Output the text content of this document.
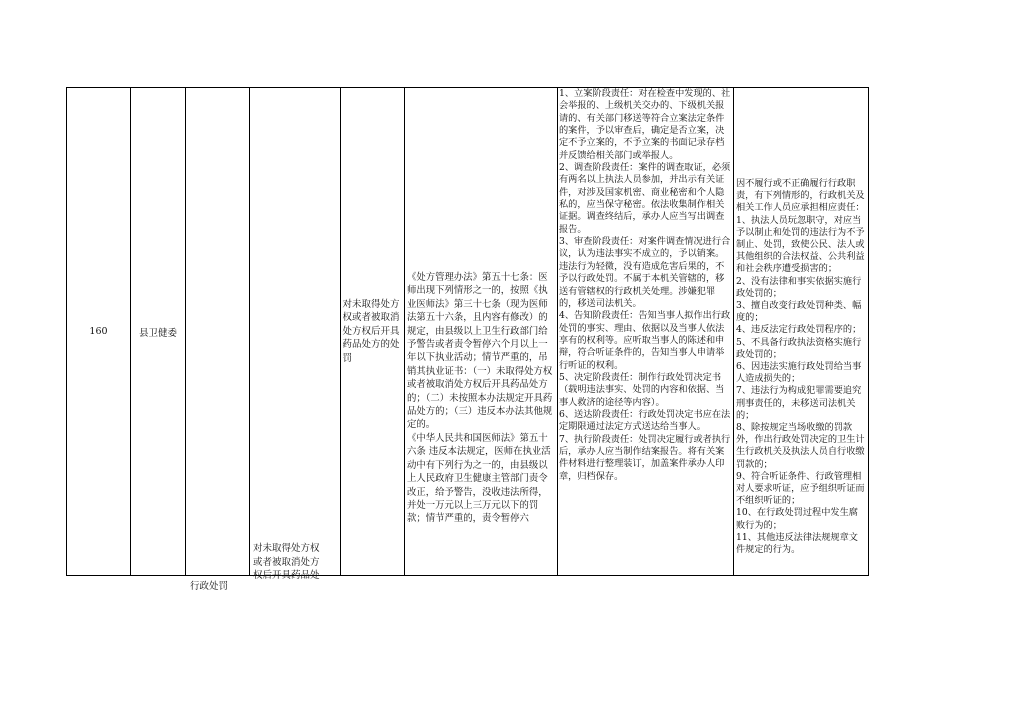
160	县卫健委
行政处罚
对未取得处方权
或者被取消处方
权后开具药品处
对未取得处方权或者被取消处方权后开具药品处方的处罚
《处方管理办法》第五十七条：医师出现下列情形之一的，按照《执业医师法》第三十七条（现为医师法第五十六条，且内容有修改）的规定，由县级以上卫生行政部门给予警告或者责令暂停六个月以上一年以下执业活动；情节严重的，吊销其执业证书：（一）未取得处方权或者被取消处方权后开具药品处方的；（二）未按照本办法规定开具药品处方的；（三）违反本办法其他规定的。
《中华人民共和国医师法》第五十六条 违反本法规定，医师在执业活动中有下列行为之一的，由县级以上人民政府卫生健康主管部门责令改正，给予警告，没收违法所得，并处一万元以上三万元以下的罚款；情节严重的，责令暂停六
1、立案阶段责任：对在检查中发现的、社会举报的、上级机关交办的、下级机关报请的、有关部门移送等符合立案法定条件的案件，予以审查后，确定是否立案，决定不予立案的，不予立案的书面记录存档并反馈给相关部门或举报人。
2、调查阶段责任：案件的调查取证，必须有两名以上执法人员参加，并出示有关证件，对涉及国家机密、商业秘密和个人隐私的，应当保守秘密。依法收集制作相关证据。调查终结后，承办人应当写出调查报告。
3、审查阶段责任：对案件调查情况进行合议，认为违法事实不成立的，予以销案。违法行为轻微，没有造成危害后果的，不予以行政处罚。不属于本机关管辖的，移送有管辖权的行政机关处理。涉嫌犯罪的，移送司法机关。
4、告知阶段责任：告知当事人拟作出行政处罚的事实、理由、依据以及当事人依法享有的权利等。应听取当事人的陈述和申辩，符合听证条件的，告知当事人申请举行听证的权利。
5、决定阶段责任：制作行政处罚决定书（载明违法事实、处罚的内容和依据、当事人救济的途径等内容）。
6、送达阶段责任：行政处罚决定书应在法定期限通过法定方式送达给当事人。
7、执行阶段责任：处罚决定履行或者执行后，承办人应当制作结案报告。将有关案件材料进行整理装订，加盖案件承办人印章，归档保存。
因不履行或不正确履行行政职责，有下列情形的，行政机关及相关工作人员应承担相应责任：
1、执法人员玩忽职守，对应当予以制止和处罚的违法行为不予制止、处罚，致使公民、法人或其他组织的合法权益、公共利益和社会秩序遭受损害的；
2、没有法律和事实依据实施行政处罚的；
3、擅自改变行政处罚种类、幅度的；
4、违反法定行政处罚程序的；
5、不具备行政执法资格实施行政处罚的；
6、因违法实施行政处罚给当事人造成损失的；
7、违法行为构成犯罪需要追究刑事责任的，未移送司法机关的；
8、除按规定当场收缴的罚款外，作出行政处罚决定的卫生计生行政机关及执法人员自行收缴罚款的；
9、符合听证条件、行政管理相对人要求听证，应予组织听证而不组织听证的；
10、在行政处罚过程中发生腐败行为的；
11、其他违反法律法规规章文件规定的行为。
